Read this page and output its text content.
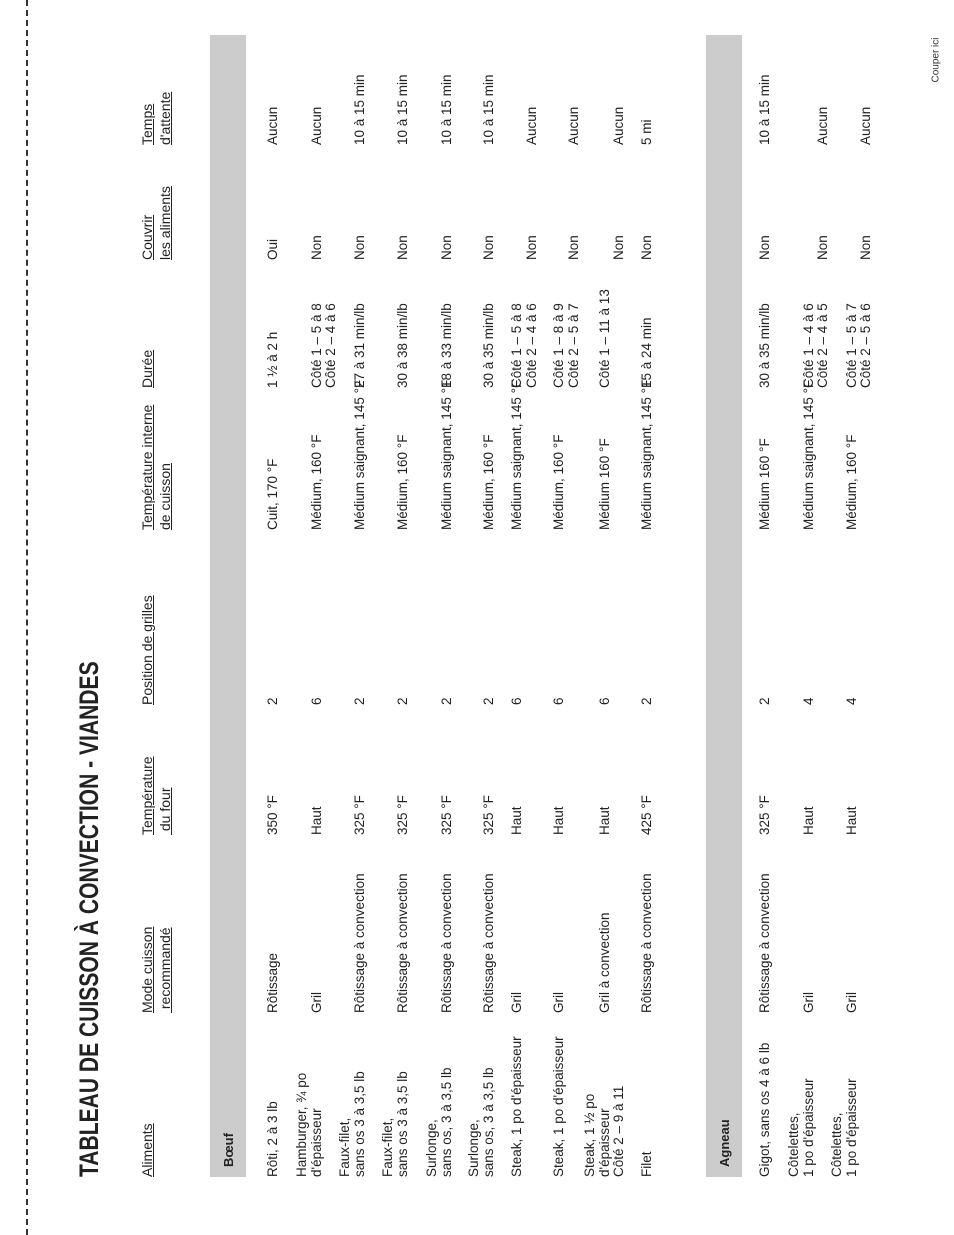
Couper ici
TABLEAU DE CUISSON À CONVECTION - VIANDES	Aliments
Mode cuisson recommandé
Température du four
Position de grilles
Température interne de cuisson
Durée
Couvrir les aliments
Temps d'attente
Bœuf	Agneau
Rôti, 2 à 3 lb
Rôtissage
350 °F
2
Cuit, 170 °F
1 ½ à 2 h
Oui
Aucun
Hamburger, ¾ po d'épaisseur
Gril
Haut
6
Médium, 160 °F
Côté 1 – 5 à 8 Côté 2 – 4 à 6
Non
Aucun
Faux-filet, sans os 3 à 3,5 lb
Rôtissage à convection
325 °F
2
Médium saignant, 145 °F
27 à 31 min/lb
Non
10 à 15 min
Faux-filet, sans os 3 à 3,5 lb
Rôtissage à convection
325 °F
2
Médium, 160 °F
30 à 38 min/lb
Non
10 à 15 min
Surlonge, sans os, 3 à 3,5 lb
Rôtissage à convection
325 °F
2
Médium saignant, 145 °F
18 à 33 min/lb
Non
10 à 15 min
Surlonge, sans os, 3 à 3,5 lb
Rôtissage à convection
325 °F
2
Médium, 160 °F
30 à 35 min/lb
Non
10 à 15 min
Steak, 1 po d'épaisseur
Gril
Haut
6
Médium saignant, 145 °F
Côté 1 – 5 à 8 Côté 2 – 4 à 6
Non
Aucun
Steak, 1 po d'épaisseur
Gril
Haut
6
Médium, 160 °F
Côté 1 – 8 à 9 Côté 2 – 5 à 7
Non
Aucun
Steak, 1 ½ po d'épaisseur Côté 2 – 9 à 11
Gril à convection
Haut
6
Médium 160 °F
Côté 1 – 11 à 13
Non
Aucun
Filet
Rôtissage à convection
425 °F
2
Médium saignant, 145 °F
15 à 24 min
Non
5 mi
Gigot, sans os 4 à 6 lb
Rôtissage à convection
325 °F
2
Médium 160 °F
30 à 35 min/lb
Non
10 à 15 min
Côtelettes, 1 po d'épaisseur
Gril
Haut
4
Médium saignant, 145 °F
Côté 1 – 4 à 6 Côté 2 – 4 à 5
Non
Aucun
Côtelettes, 1 po d'épaisseur
Gril
Haut
4
Médium, 160 °F
Côté 1 – 5 à 7 Côté 2 – 5 à 6
Non
Aucun
